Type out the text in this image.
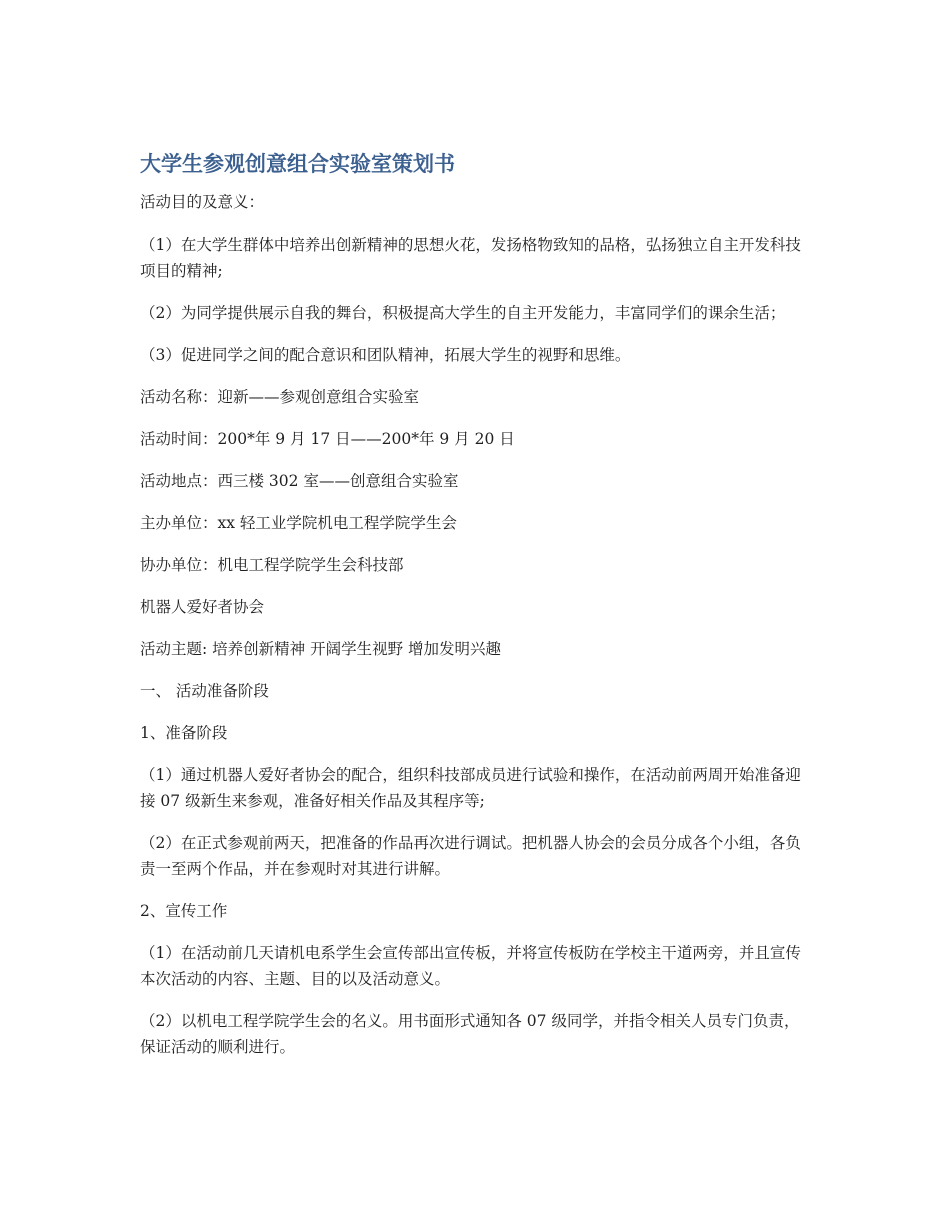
大学生参观创意组合实验室策划书

活动目的及意义：

（1）在大学生群体中培养出创新精神的思想火花，发扬格物致知的品格，弘扬独立自主开发科技项目的精神;

（2）为同学提供展示自我的舞台，积极提高大学生的自主开发能力，丰富同学们的课余生活；

（3）促进同学之间的配合意识和团队精神，拓展大学生的视野和思维。

活动名称：迎新——参观创意组合实验室

活动时间：200*年 9 月 17 日——200*年 9 月 20 日

活动地点：西三楼 302 室——创意组合实验室

主办单位：xx 轻工业学院机电工程学院学生会

协办单位：机电工程学院学生会科技部

机器人爱好者协会

活动主题: 培养创新精神 开阔学生视野 增加发明兴趣

一、 活动准备阶段

1、准备阶段

（1）通过机器人爱好者协会的配合，组织科技部成员进行试验和操作，在活动前两周开始准备迎接 07 级新生来参观，准备好相关作品及其程序等;

（2）在正式参观前两天，把准备的作品再次进行调试。把机器人协会的会员分成各个小组，各负责一至两个作品，并在参观时对其进行讲解。

2、宣传工作

（1）在活动前几天请机电系学生会宣传部出宣传板，并将宣传板防在学校主干道两旁，并且宣传本次活动的内容、主题、目的以及活动意义。

（2）以机电工程学院学生会的名义。用书面形式通知各 07 级同学，并指令相关人员专门负责，保证活动的顺利进行。
